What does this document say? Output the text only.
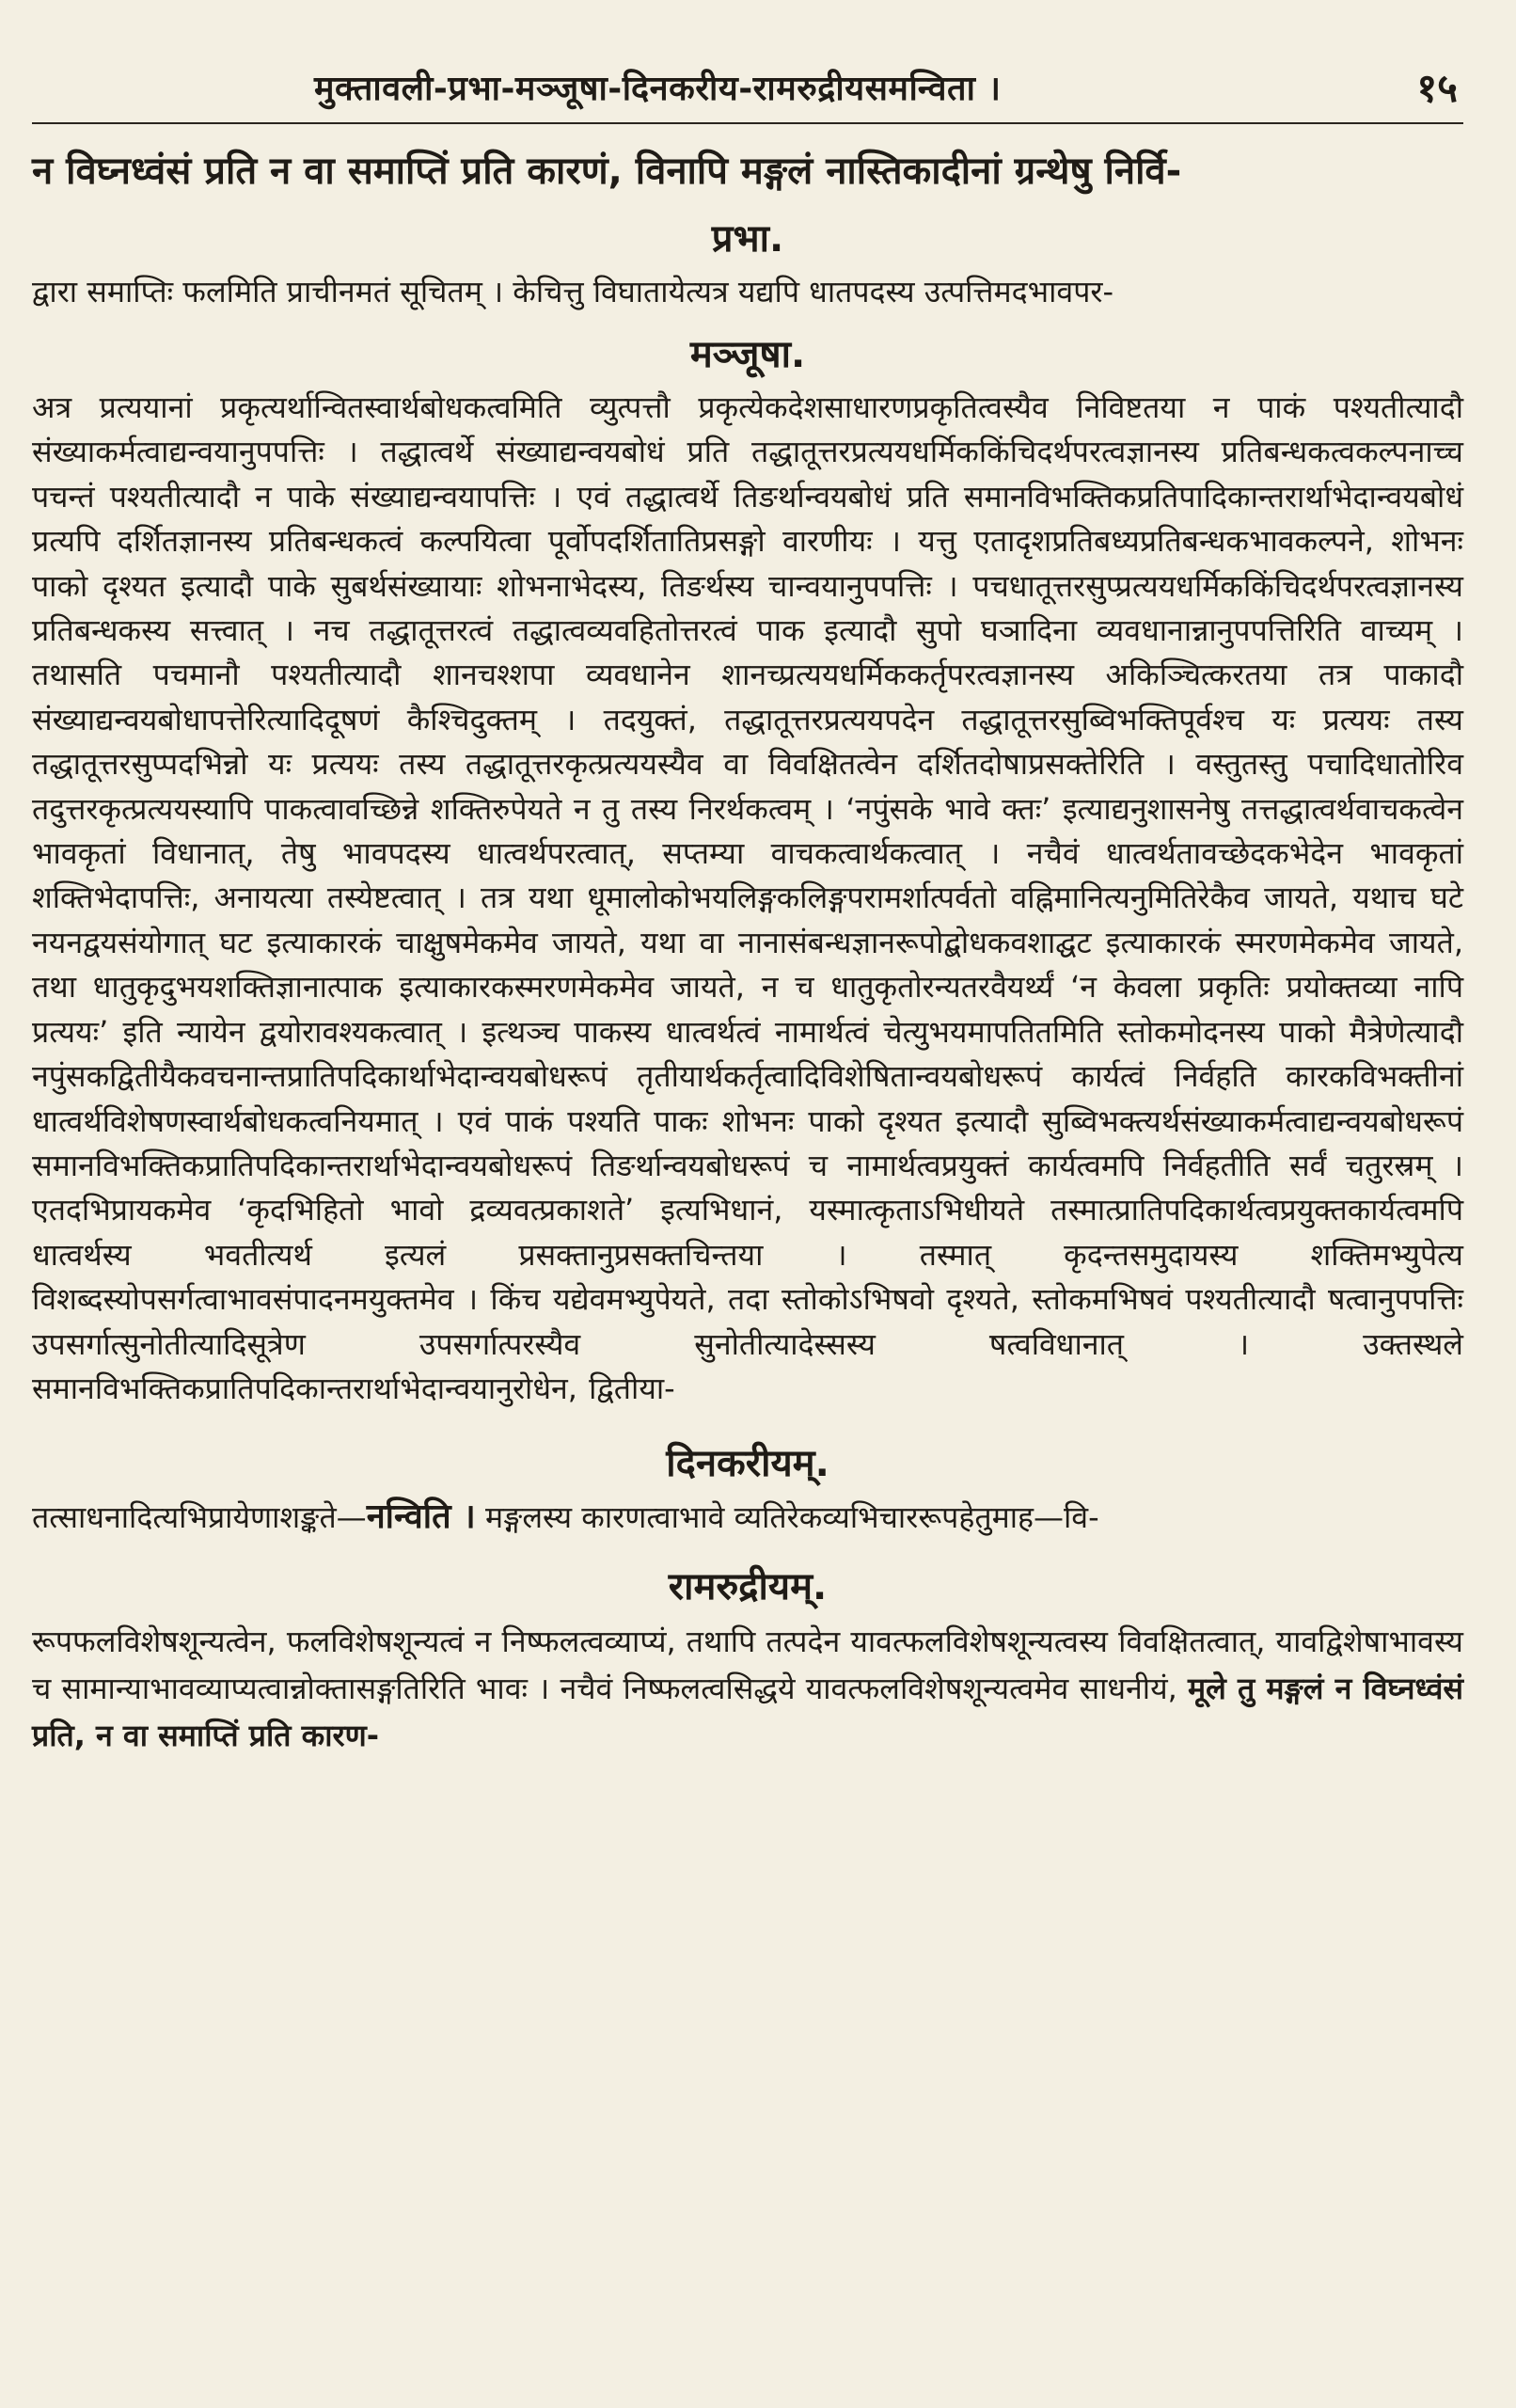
मुक्तावली-प्रभा-मञ्जूषा-दिनकरीय-रामरुद्रीयसमन्विता ।	१५

न विघ्नध्वंसं प्रति न वा समाप्तिं प्रति कारणं, विनापि मङ्गलं नास्तिकादीनां ग्रन्थेषु निर्वि-

प्रभा.

द्वारा समाप्तिः फलमिति प्राचीनमतं सूचितम् । केचित्तु विघातायेत्यत्र यद्यपि धातपदस्य उत्पत्तिमदभावपर-

मञ्जूषा.

अत्र प्रत्ययानां प्रकृत्यर्थान्वितस्वार्थबोधकत्वमिति व्युत्पत्तौ प्रकृत्येकदेशसाधारणप्रकृतित्वस्यैव निविष्टतया न पाकं पश्यतीत्यादौ संख्याकर्मत्वाद्यन्वयानुपपत्तिः । तद्धात्वर्थे संख्याद्यन्वयबोधं प्रति तद्धातूत्तरप्रत्ययधर्मिककिंचिदर्थपरत्वज्ञानस्य प्रतिबन्धकत्वकल्पनाच्च पचन्तं पश्यतीत्यादौ न पाके संख्याद्यन्वयापत्तिः । एवं तद्धात्वर्थे तिङर्थान्वयबोधं प्रति समानविभक्तिकप्रतिपादिकान्तरार्थाभेदान्वयबोधं प्रत्यपि दर्शितज्ञानस्य प्रतिबन्धकत्वं कल्पयित्वा पूर्वोपदर्शितातिप्रसङ्गो वारणीयः । यत्तु एतादृशप्रतिबध्यप्रतिबन्धकभावकल्पने, शोभनः पाको दृश्यत इत्यादौ पाके सुबर्थसंख्यायाः शोभनाभेदस्य, तिङर्थस्य चान्वयानुपपत्तिः । पचधातूत्तरसुप्प्रत्ययधर्मिककिंचिदर्थपरत्वज्ञानस्य प्रतिबन्धकस्य सत्त्वात् । नच तद्धातूत्तरत्वं तद्धात्वव्यवहितोत्तरत्वं पाक इत्यादौ सुपो घञादिना व्यवधानान्नानुपपत्तिरिति वाच्यम् । तथासति पचमानौ पश्यतीत्यादौ शानचश्शपा व्यवधानेन शानच्प्रत्ययधर्मिककर्तृपरत्वज्ञानस्य अकिञ्चित्करतया तत्र पाकादौ संख्याद्यन्वयबोधापत्तेरित्यादिदूषणं कैश्चिदुक्तम् । तदयुक्तं, तद्धातूत्तरप्रत्ययपदेन तद्धातूत्तरसुब्विभक्तिपूर्वश्च यः प्रत्ययः तस्य तद्धातूत्तरसुप्पदभिन्नो यः प्रत्ययः तस्य तद्धातूत्तरकृत्प्रत्ययस्यैव वा विवक्षितत्वेन दर्शितदोषाप्रसक्तेरिति । वस्तुतस्तु पचादिधातोरिव तदुत्तरकृत्प्रत्ययस्यापि पाकत्वावच्छिन्ने शक्तिरुपेयते न तु तस्य निरर्थकत्वम् । ‘नपुंसके भावे क्तः’ इत्याद्यनुशासनेषु तत्तद्धात्वर्थवाचकत्वेन भावकृतां विधानात्, तेषु भावपदस्य धात्वर्थपरत्वात्, सप्तम्या वाचकत्वार्थकत्वात् । नचैवं धात्वर्थतावच्छेदकभेदेन भावकृतां शक्तिभेदापत्तिः, अनायत्या तस्येष्टत्वात् । तत्र यथा धूमालोकोभयलिङ्गकलिङ्गपरामर्शात्पर्वतो वह्निमानित्यनुमितिरेकैव जायते, यथाच घटे नयनद्वयसंयोगात् घट इत्याकारकं चाक्षुषमेकमेव जायते, यथा वा नानासंबन्धज्ञानरूपोद्बोधकवशाद्घट इत्याकारकं स्मरणमेकमेव जायते, तथा धातुकृदुभयशक्तिज्ञानात्पाक इत्याकारकस्मरणमेकमेव जायते, न च धातुकृतोरन्यतरवैयर्थ्यं ‘न केवला प्रकृतिः प्रयोक्तव्या नापि प्रत्ययः’ इति न्यायेन द्वयोरावश्यकत्वात् । इत्थञ्च पाकस्य धात्वर्थत्वं नामार्थत्वं चेत्युभयमापतितमिति स्तोकमोदनस्य पाको मैत्रेणेत्यादौ नपुंसकद्वितीयैकवचनान्तप्रातिपदिकार्थाभेदान्वयबोधरूपं तृतीयार्थकर्तृत्वादिविशेषितान्वयबोधरूपं कार्यत्वं निर्वहति कारकविभक्तीनां धात्वर्थविशेषणस्वार्थबोधकत्वनियमात् । एवं पाकं पश्यति पाकः शोभनः पाको दृश्यत इत्यादौ सुब्विभक्त्यर्थसंख्याकर्मत्वाद्यन्वयबोधरूपं समानविभक्तिकप्रातिपदिकान्तरार्थाभेदान्वयबोधरूपं तिङर्थान्वयबोधरूपं च नामार्थत्वप्रयुक्तं कार्यत्वमपि निर्वहतीति सर्वं चतुरस्रम् । एतदभिप्रायकमेव ‘कृदभिहितो भावो द्रव्यवत्प्रकाशते’ इत्यभिधानं, यस्मात्कृताऽभिधीयते तस्मात्प्रातिपदिकार्थत्वप्रयुक्तकार्यत्वमपि धात्वर्थस्य भवतीत्यर्थ इत्यलं प्रसक्तानुप्रसक्तचिन्तया । तस्मात् कृदन्तसमुदायस्य शक्तिमभ्युपेत्य विशब्दस्योपसर्गत्वाभावसंपादनमयुक्तमेव । किंच यद्येवमभ्युपेयते, तदा स्तोकोऽभिषवो दृश्यते, स्तोकमभिषवं पश्यतीत्यादौ षत्वानुपपत्तिः उपसर्गात्सुनोतीत्यादिसूत्रेण उपसर्गात्परस्यैव सुनोतीत्यादेस्सस्य षत्वविधानात् । उक्तस्थले समानविभक्तिकप्रातिपदिकान्तरार्थाभेदान्वयानुरोधेन, द्वितीया-

दिनकरीयम्.

तत्साधनादित्यभिप्रायेणाशङ्कते—नन्विति । मङ्गलस्य कारणत्वाभावे व्यतिरेकव्यभिचाररूपहेतुमाह—वि-

रामरुद्रीयम्.

रूपफलविशेषशून्यत्वेन, फलविशेषशून्यत्वं न निष्फलत्वव्याप्यं, तथापि तत्पदेन यावत्फलविशेषशून्यत्वस्य विवक्षितत्वात्, यावद्विशेषाभावस्य च सामान्याभावव्याप्यत्वान्नोक्तासङ्गतिरिति भावः । नचैवं निष्फलत्वसिद्धये यावत्फलविशेषशून्यत्वमेव साधनीयं, मूले तु मङ्गलं न विघ्नध्वंसं प्रति, न वा समाप्तिं प्रति कारण-
